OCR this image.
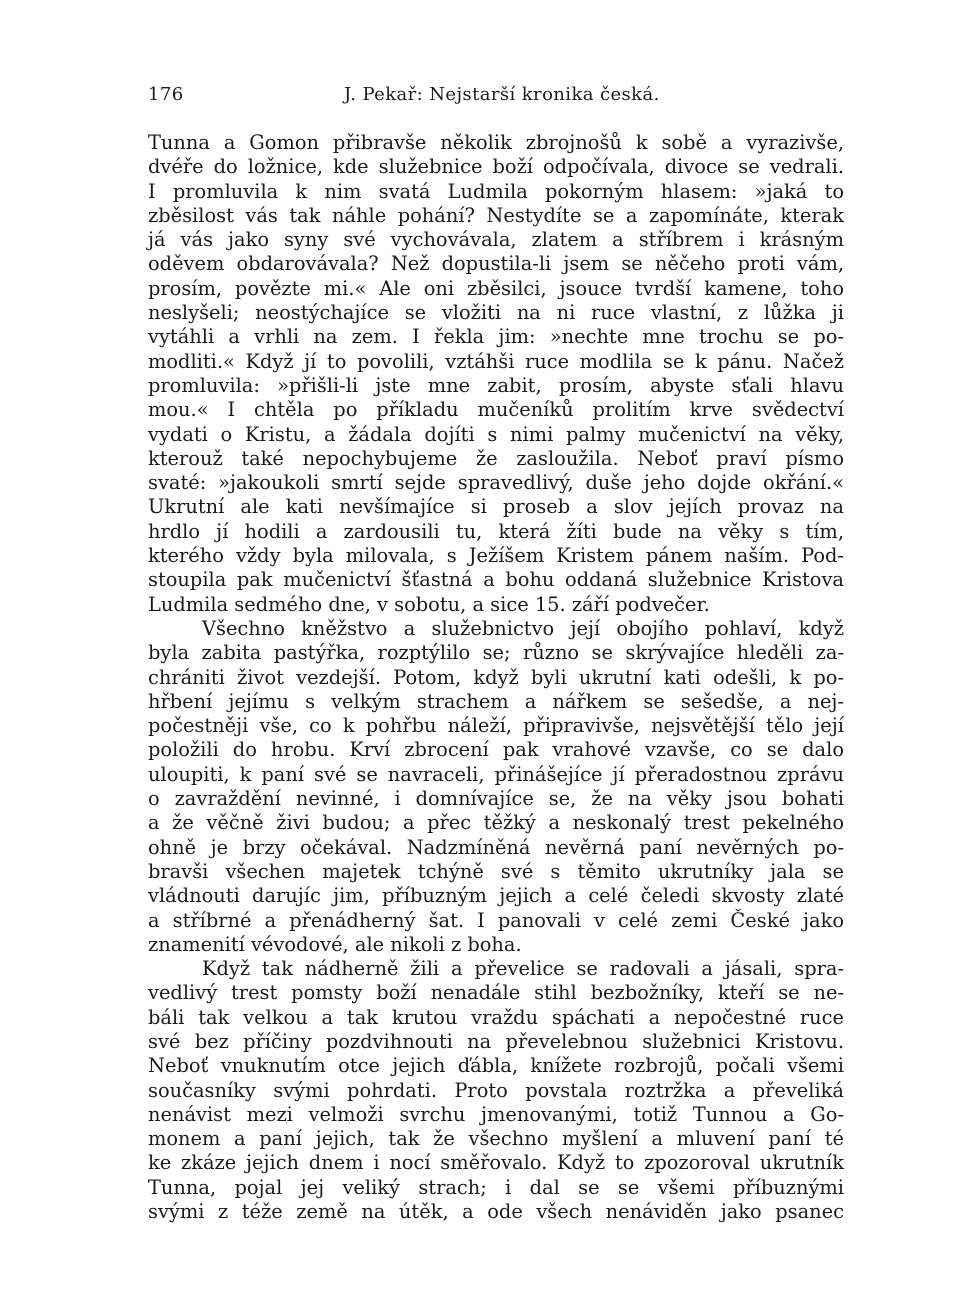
176	J. Pekař: Nejstarší kronika česká.
Tunna a Gomon přibravše několik zbrojnošů k sobě a vyrazivše,
dvéře do ložnice, kde služebnice boží odpočívala, divoce se vedrali.
I promluvila k nim svatá Ludmila pokorným hlasem: »jaká to
zběsilost vás tak náhle pohání? Nestydíte se a zapomínáte, kterak
já vás jako syny své vychovávala, zlatem a stříbrem i krásným
oděvem obdarovávala? Než dopustila-li jsem se něčeho proti vám,
prosím, povězte mi.« Ale oni zběsilci, jsouce tvrdší kamene, toho
neslyšeli; neostýchajíce se vložiti na ni ruce vlastní, z lůžka ji
vytáhli a vrhli na zem. I řekla jim: »nechte mne trochu se po-
modliti.« Když jí to povolili, vztáhši ruce modlila se k pánu. Načež
promluvila: »přišli-li jste mne zabit, prosím, abyste sťali hlavu
mou.« I chtěla po příkladu mučeníků prolitím krve svědectví
vydati o Kristu, a žádala dojíti s nimi palmy mučenictví na věky,
kterouž také nepochybujeme že zasloužila. Neboť praví písmo
svaté: »jakoukoli smrtí sejde spravedlivý, duše jeho dojde okřání.«
Ukrutní ale kati nevšímajíce si proseb a slov jejích provaz na
hrdlo jí hodili a zardousili tu, která žíti bude na věky s tím,
kterého vždy byla milovala, s Ježíšem Kristem pánem naším. Pod-
stoupila pak mučenictví šťastná a bohu oddaná služebnice Kristova
Ludmila sedmého dne, v sobotu, a sice 15. září podvečer.
Všechno kněžstvo a služebnictvo její obojího pohlaví, když
byla zabita pastýřka, rozptýlilo se; různo se skrývajíce hleděli za-
chrániti život vezdejší. Potom, když byli ukrutní kati odešli, k po-
hřbení jejímu s velkým strachem a nářkem se sešedše, a nej-
počestněji vše, co k pohřbu náleží, připravivše, nejsvětější tělo její
položili do hrobu. Krví zbrocení pak vrahové vzavše, co se dalo
uloupiti, k paní své se navraceli, přinášejíce jí přeradostnou zprávu
o zavraždění nevinné, i domnívajíce se, že na věky jsou bohati
a že věčně živi budou; a přec těžký a neskonalý trest pekelného
ohně je brzy očekával. Nadzmíněná nevěrná paní nevěrných po-
bravši všechen majetek tchýně své s těmito ukrutníky jala se
vládnouti darujíc jim, příbuzným jejich a celé čeledi skvosty zlaté
a stříbrné a přenádherný šat. I panovali v celé zemi České jako
znamenití vévodové, ale nikoli z boha.
Když tak nádherně žili a převelice se radovali a jásali, spra-
vedlivý trest pomsty boží nenadále stihl bezbožníky, kteří se ne-
báli tak velkou a tak krutou vraždu spáchati a nepočestné ruce
své bez příčiny pozdvihnouti na převelebnou služebnici Kristovu.
Neboť vnuknutím otce jejich ďábla, knížete rozbrojů, počali všemi
současníky svými pohrdati. Proto povstala roztržka a převeliká
nenávist mezi velmoži svrchu jmenovanými, totiž Tunnou a Go-
monem a paní jejich, tak že všechno myšlení a mluvení paní té
ke zkáze jejich dnem i nocí směřovalo. Když to zpozoroval ukrutník
Tunna, pojal jej veliký strach; i dal se se všemi příbuznými
svými z téže země na útěk, a ode všech nenáviděn jako psanec
